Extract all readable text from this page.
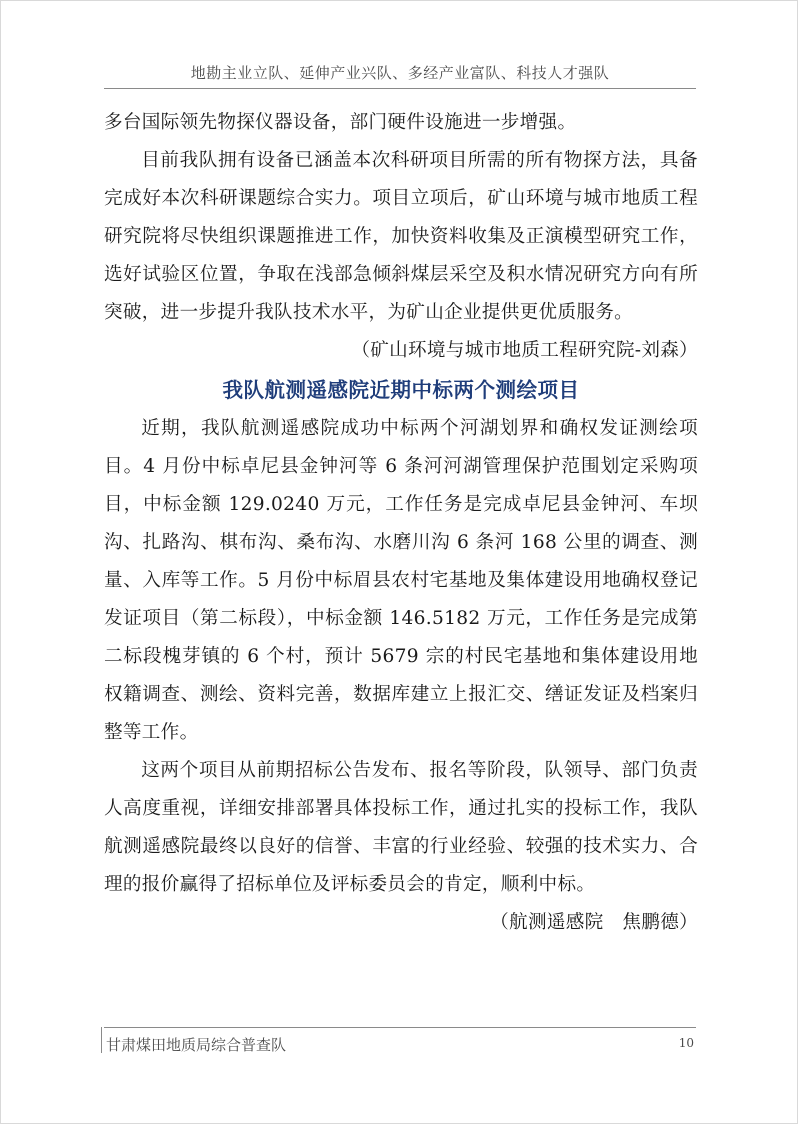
地勘主业立队、延伸产业兴队、多经产业富队、科技人才强队

多台国际领先物探仪器设备，部门硬件设施进一步增强。

目前我队拥有设备已涵盖本次科研项目所需的所有物探方法，具备完成好本次科研课题综合实力。项目立项后，矿山环境与城市地质工程研究院将尽快组织课题推进工作，加快资料收集及正演模型研究工作，选好试验区位置，争取在浅部急倾斜煤层采空及积水情况研究方向有所突破，进一步提升我队技术水平，为矿山企业提供更优质服务。

（矿山环境与城市地质工程研究院-刘森）

我队航测遥感院近期中标两个测绘项目

近期，我队航测遥感院成功中标两个河湖划界和确权发证测绘项目。4 月份中标卓尼县金钟河等 6 条河河湖管理保护范围划定采购项目，中标金额 129.0240 万元，工作任务是完成卓尼县金钟河、车坝沟、扎路沟、棋布沟、桑布沟、水磨川沟 6 条河 168 公里的调查、测量、入库等工作。5 月份中标眉县农村宅基地及集体建设用地确权登记发证项目（第二标段），中标金额 146.5182 万元，工作任务是完成第二标段槐芽镇的 6 个村，预计 5679 宗的村民宅基地和集体建设用地权籍调查、测绘、资料完善，数据库建立上报汇交、缮证发证及档案归整等工作。

这两个项目从前期招标公告发布、报名等阶段，队领导、部门负责人高度重视，详细安排部署具体投标工作，通过扎实的投标工作，我队航测遥感院最终以良好的信誉、丰富的行业经验、较强的技术实力、合理的报价赢得了招标单位及评标委员会的肯定，顺利中标。

（航测遥感院　焦鹏德）

甘肃煤田地质局综合普查队	10
